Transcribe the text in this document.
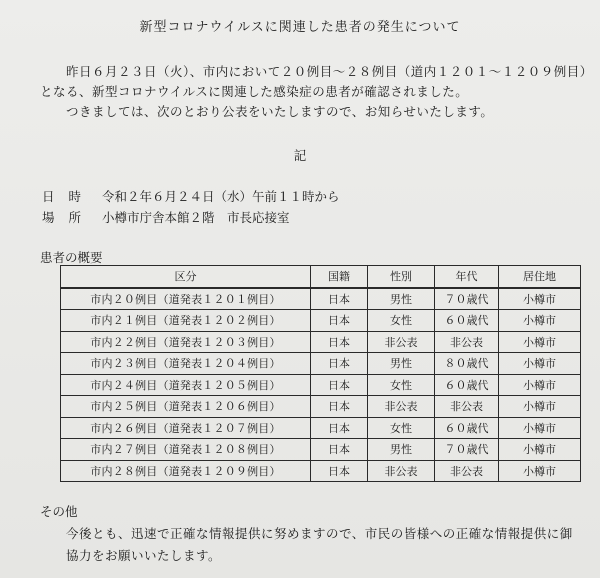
新型コロナウイルスに関連した患者の発生について
昨日６月２３日（火）、市内において２０例目～２８例目（道内１２０１～１２０９例目）
となる、新型コロナウイルスに関連した感染症の患者が確認されました。
つきましては、次のとおり公表をいたしますので、お知らせいたします。
記
日時 令和２年６月２４日（水）午前１１時から
場所 小樽市庁舎本館２階　市長応接室
患者の概要
区分	国籍	性別	年代	居住地
市内２０例目（道発表１２０１例目）	日本	男性	７０歳代	小樽市
市内２１例目（道発表１２０２例目）	日本	女性	６０歳代	小樽市
市内２２例目（道発表１２０３例目）	日本	非公表	非公表	小樽市
市内２３例目（道発表１２０４例目）	日本	男性	８０歳代	小樽市
市内２４例目（道発表１２０５例目）	日本	女性	６０歳代	小樽市
市内２５例目（道発表１２０６例目）	日本	非公表	非公表	小樽市
市内２６例目（道発表１２０７例目）	日本	女性	６０歳代	小樽市
市内２７例目（道発表１２０８例目）	日本	男性	７０歳代	小樽市
市内２８例目（道発表１２０９例目）	日本	非公表	非公表	小樽市
その他
今後とも、迅速で正確な情報提供に努めますので、市民の皆様への正確な情報提供に御
協力をお願いいたします。
